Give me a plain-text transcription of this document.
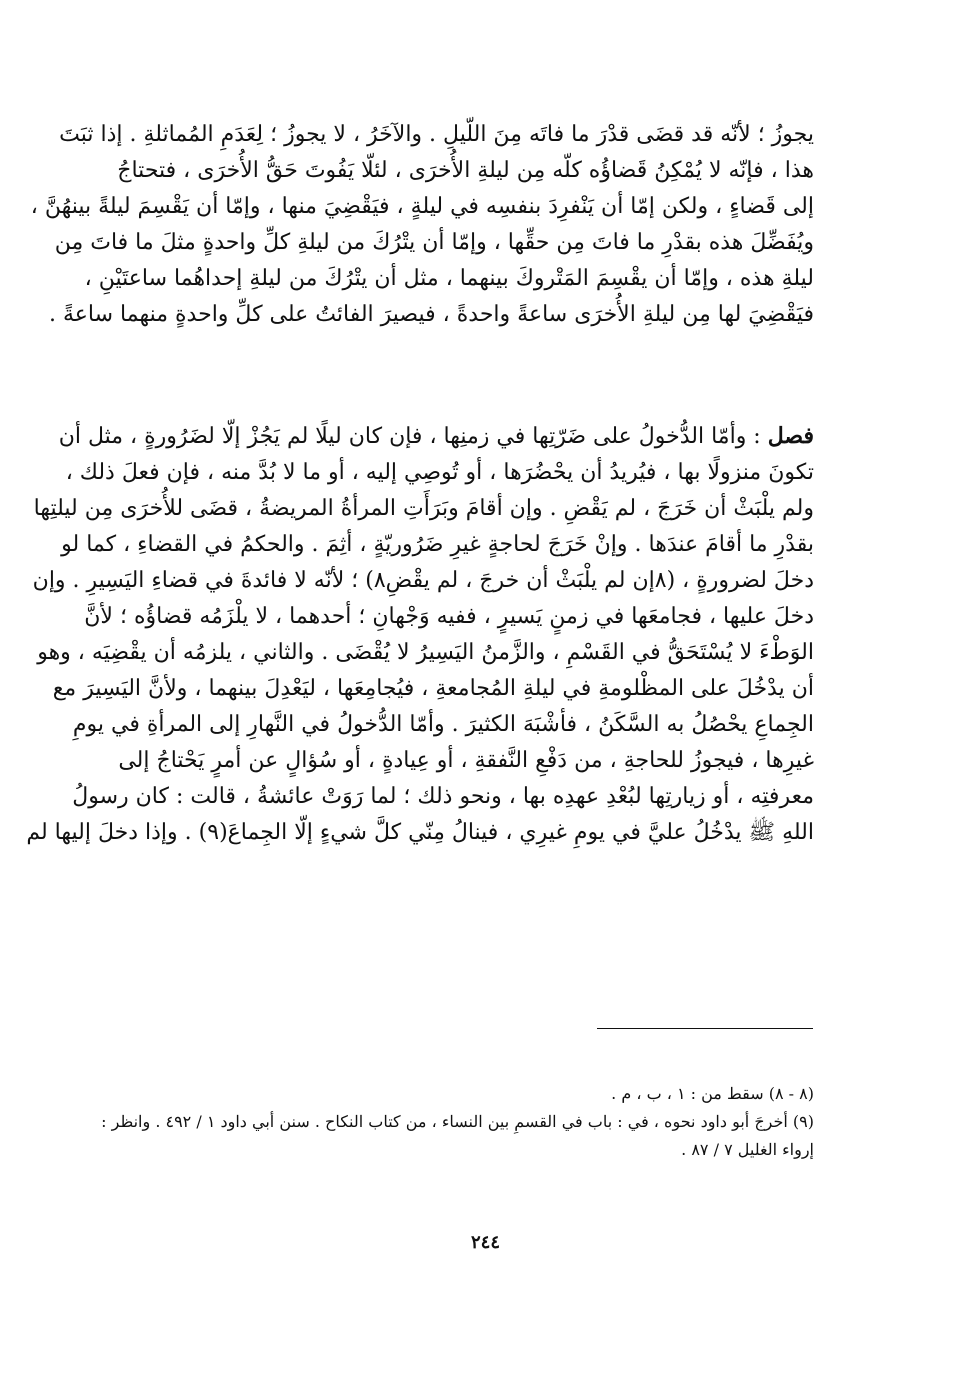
يجوزُ ؛ لأنّه قد قضَى قدْرَ ما فاتَه مِنَ اللّيلِ . والآخَرُ ، لا يجوزُ ؛ لِعَدَمِ المُماثلةِ . إذا ثبَتَ
هذا ، فإنّه لا يُمْكِنُ قَضاؤُه كلّه مِن ليلةِ الأُخرَى ، لئلّا يَفُوتَ حَقُّ الأُخرَى ، فتحتاجُ
إلى قَضاءٍ ، ولكن إمّا أن يَنْفرِدَ بنفسِه في ليلةٍ ، فيَقْضِيَ منها ، وإمّا أن يَقْسِمَ ليلةً بينهُنَّ ،
ويُفَضِّلَ هذه بقدْرِ ما فاتَ مِن حقِّها ، وإمّا أن يتْرُكَ من ليلةِ كلِّ واحدةٍ مثلَ ما فاتَ مِن
ليلةِ هذه ، وإمّا أن يقْسِمَ المَتْروكَ بينهما ، مثل أن يتْرُكَ من ليلةِ إحداهُما ساعتَيْنِ ،
فيَقْضِيَ لها مِن ليلةِ الأُخرَى ساعةً واحدةً ، فيصيرَ الفائتُ على كلِّ واحدةٍ منهما ساعةً .
فصل : وأمّا الدُّخولُ على ضَرّتِها في زمنِها ، فإن كان ليلًا لم يَجُزْ إلّا لضَرُورةٍ ، مثل أن
تكونَ منزولًا بها ، فيُريدُ أن يحْضُرَها ، أو تُوصِي إليه ، أو ما لا بُدَّ منه ، فإن فعلَ ذلك ،
ولم يلْبَثْ أن خَرَجَ ، لم يَقْضِ . وإن أقامَ وبَرَأَتِ المرأةُ المريضةُ ، قضَى للأُخرَى مِن ليلتِها
بقدْرِ ما أقامَ عندَها . وإنْ خَرَجَ لحاجةٍ غيرِ ضَرُوريّةٍ ، أثِمَ . والحكمُ في القضاءِ ، كما لو
دخلَ لضرورةٍ ، (٨إن لم يلْبَثْ أن خرجَ ، لم يقْضِ٨) ؛ لأنّه لا فائدةَ في قضاءِ اليَسِيرِ . وإن
دخلَ عليها ، فجامعَها في زمنٍ يَسيرٍ ، ففيه وَجْهانِ ؛ أحدهما ، لا يلْزَمُه قضاؤُه ؛ لأنَّ
الوَطْءَ لا يُسْتَحَقُّ في القَسْمِ ، والزَّمنُ اليَسِيرُ لا يُقْضَى . والثاني ، يلزمُه أن يقْضِيَه ، وهو
أن يدْخُلَ على المظْلومةِ في ليلةِ المُجامعةِ ، فيُجامِعَها ، ليَعْدِلَ بينهما ، ولأنَّ اليَسِيرَ مع
الجِماعِ يحْصُلُ به السَّكَنُ ، فأشْبَهَ الكثيرَ . وأمّا الدُّخولُ في النَّهارِ إلى المرأةِ في يومِ
غيرِها ، فيجوزُ للحاجةِ ، من دَفْعِ النَّفقةِ ، أو عِيادةٍ ، أو سُؤالٍ عن أمرٍ يَحْتاجُ إلى
معرفتِه ، أو زيارتِها لبُعْدِ عهدِه بها ، ونحو ذلك ؛ لما رَوَتْ عائشةُ ، قالت : كان رسولُ
اللهِ ﷺ يدْخُلُ عليَّ في يومِ غيرِي ، فينالُ مِنّي كلَّ شيءٍ إلّا الجِماعَ(٩) . وإذا دخلَ إليها لم
(٨ - ٨) سقط من : ١ ، ب ، م .
(٩) أخرجَ أبو داود نحوه ، في : باب في القسمِ بين النساء ، من كتاب النكاح . سنن أبي داود ١ / ٤٩٢ . وانظر :
إرواء الغليل ٧ / ٨٧ .
٢٤٤
